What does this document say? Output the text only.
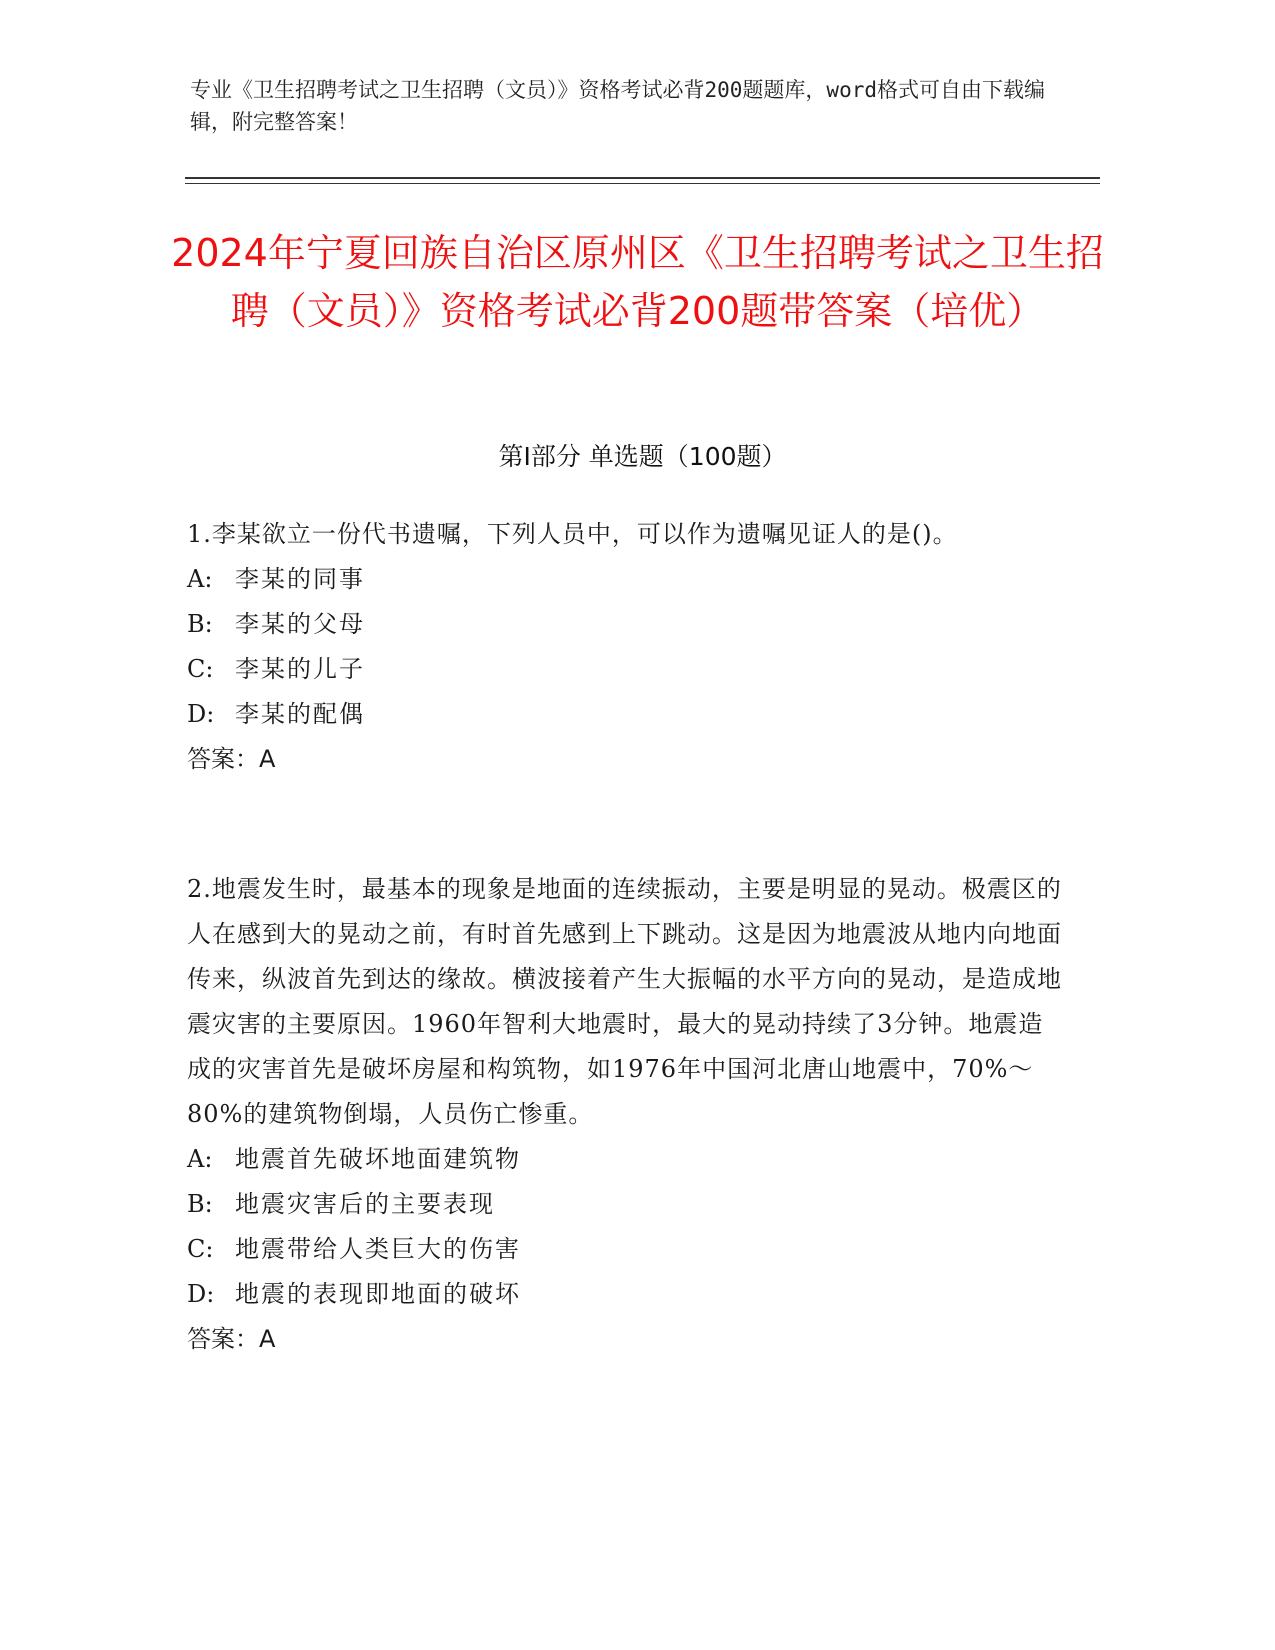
专业《卫生招聘考试之卫生招聘（文员）》资格考试必背200题题库，word格式可自由下载编辑，附完整答案！
2024年宁夏回族自治区原州区《卫生招聘考试之卫生招聘（文员）》资格考试必背200题带答案（培优）
第Ⅰ部分 单选题（100题）

1.李某欲立一份代书遗嘱，下列人员中，可以作为遗嘱见证人的是()。

A: 李某的同事

B: 李某的父母

C: 李某的儿子

D: 李某的配偶

答案：A

2.地震发生时，最基本的现象是地面的连续振动，主要是明显的晃动。极震区的人在感到大的晃动之前，有时首先感到上下跳动。这是因为地震波从地内向地面传来，纵波首先到达的缘故。横波接着产生大振幅的水平方向的晃动，是造成地震灾害的主要原因。1960年智利大地震时，最大的晃动持续了3分钟。地震造成的灾害首先是破坏房屋和构筑物，如1976年中国河北唐山地震中，70%～80%的建筑物倒塌，人员伤亡惨重。

A: 地震首先破坏地面建筑物

B: 地震灾害后的主要表现

C: 地震带给人类巨大的伤害

D: 地震的表现即地面的破坏

答案：A
